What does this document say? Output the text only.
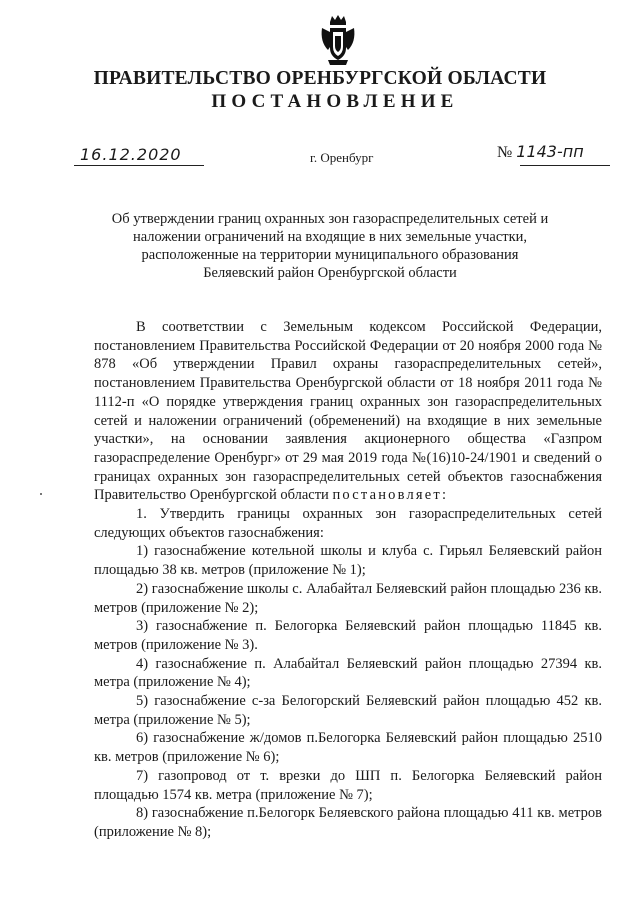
ПРАВИТЕЛЬСТВО ОРЕНБУРГСКОЙ ОБЛАСТИ
ПОСТАНОВЛЕНИЕ
16.12.2020	г. Оренбург	№ 1143-пп
Об утверждении границ охранных зон газораспределительных сетей и
наложении ограничений на входящие в них земельные участки,
расположенные на территории муниципального образования
Беляевский район Оренбургской области

В соответствии с Земельным кодексом Российской Федерации, постановлением Правительства Российской Федерации от 20 ноября 2000 года № 878 «Об утверждении Правил охраны газораспределительных сетей», постановлением Правительства Оренбургской области от 18 ноября 2011 года № 1112-п «О порядке утверждения границ охранных зон газораспределительных сетей и наложении ограничений (обременений) на входящие в них земельные участки», на основании заявления акционерного общества «Газпром газораспределение Оренбург» от 29 мая 2019 года №(16)10-24/1901 и сведений о границах охранных зон газораспределительных сетей объектов газоснабжения Правительство Оренбургской области постановляет:

1. Утвердить границы охранных зон газораспределительных сетей следующих объектов газоснабжения:

1) газоснабжение котельной школы и клуба с. Гирьял Беляевский район площадью 38 кв. метров (приложение № 1);

2) газоснабжение школы с. Алабайтал Беляевский район площадью 236 кв. метров (приложение № 2);

3) газоснабжение п. Белогорка Беляевский район площадью 11845 кв. метров (приложение № 3).

4) газоснабжение п. Алабайтал Беляевский район площадью 27394 кв. метра (приложение № 4);

5) газоснабжение с-за Белогорский Беляевский район площадью 452 кв. метра (приложение № 5);

6) газоснабжение ж/домов п.Белогорка Беляевский район площадью 2510 кв. метров (приложение № 6);

7) газопровод от т. врезки до ШП п. Белогорка Беляевский район площадью 1574 кв. метра (приложение № 7);

8) газоснабжение п.Белогорк Беляевского района площадью 411 кв. метров (приложение № 8);
